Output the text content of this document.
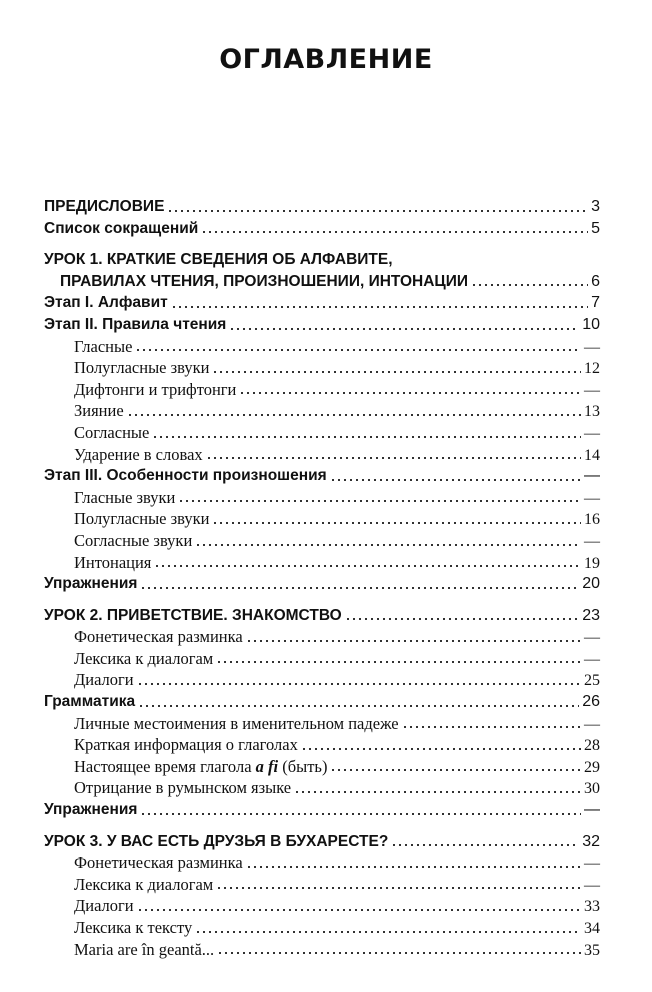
ОГЛАВЛЕНИЕ
ПРЕДИСЛОВИЕ	3
Список сокращений	5
УРОК 1. КРАТКИЕ СВЕДЕНИЯ ОБ АЛФАВИТЕ,
ПРАВИЛАХ ЧТЕНИЯ, ПРОИЗНОШЕНИИ, ИНТОНАЦИИ	6
Этап I. Алфавит	7
Этап II. Правила чтения	10
Гласные	—
Полугласные звуки	12
Дифтонги и трифтонги	—
Зияние	13
Согласные	—
Ударение в словах	14
Этап III. Особенности произношения	—
Гласные звуки	—
Полугласные звуки	16
Согласные звуки	—
Интонация	19
Упражнения	20
УРОК 2. ПРИВЕТСТВИЕ. ЗНАКОМСТВО	23
Фонетическая разминка	—
Лексика к диалогам	—
Диалоги	25
Грамматика	26
Личные местоимения в именительном падеже	—
Краткая информация о глаголах	28
Настоящее время глагола a fi (быть)	29
Отрицание в румынском языке	30
Упражнения	—
УРОК 3. У ВАС ЕСТЬ ДРУЗЬЯ В БУХАРЕСТЕ?	32
Фонетическая разминка	—
Лексика к диалогам	—
Диалоги	33
Лексика к тексту	34
Maria are în geantă...	35
